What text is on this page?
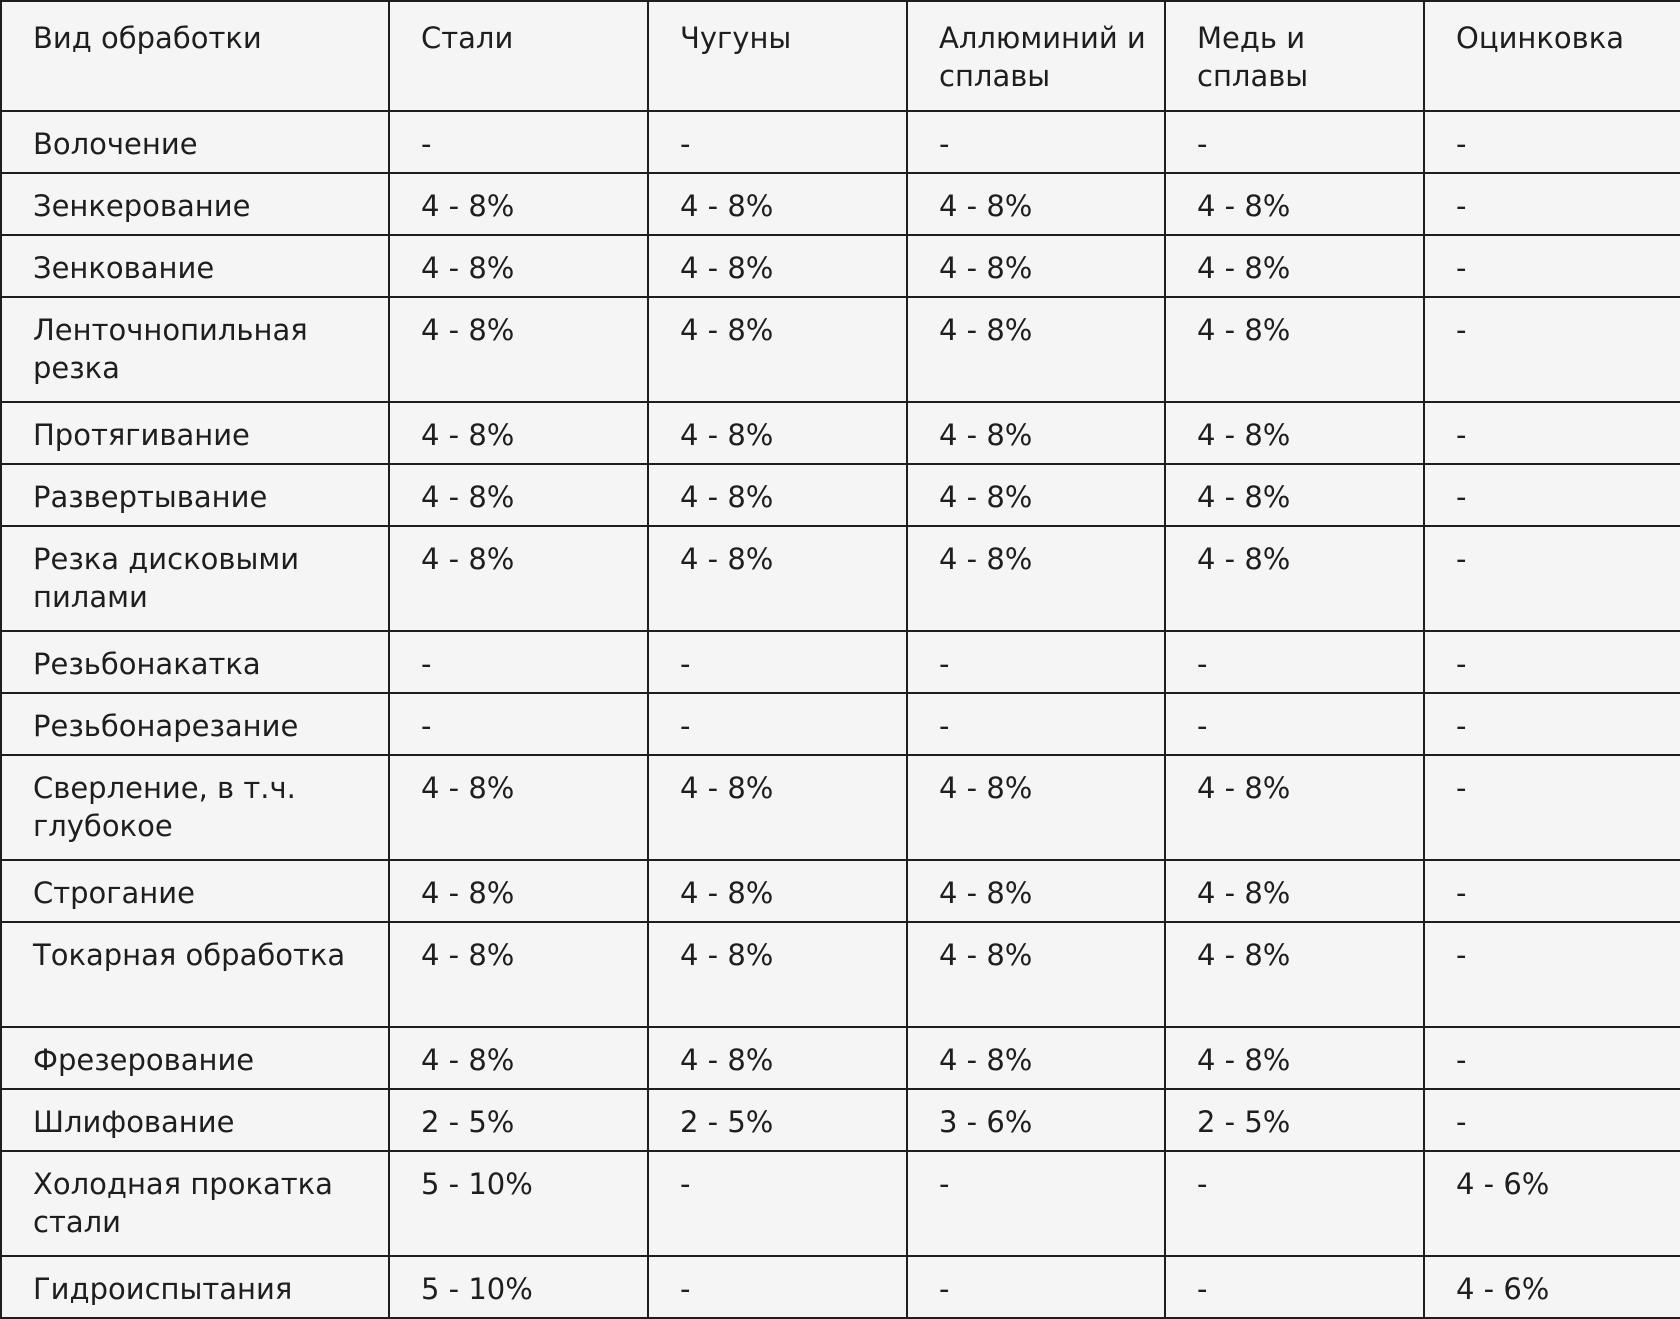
Вид обработки	Стали	Чугуны	Аллюминий и сплавы	Медь и сплавы	Оцинковка
Волочение	-	-	-	-	-
Зенкерование	4 - 8%	4 - 8%	4 - 8%	4 - 8%	-
Зенкование	4 - 8%	4 - 8%	4 - 8%	4 - 8%	-
Ленточнопильная резка	4 - 8%	4 - 8%	4 - 8%	4 - 8%	-
Протягивание	4 - 8%	4 - 8%	4 - 8%	4 - 8%	-
Развертывание	4 - 8%	4 - 8%	4 - 8%	4 - 8%	-
Резка дисковыми пилами	4 - 8%	4 - 8%	4 - 8%	4 - 8%	-
Резьбонакатка	-	-	-	-	-
Резьбонарезание	-	-	-	-	-
Сверление, в т.ч. глубокое	4 - 8%	4 - 8%	4 - 8%	4 - 8%	-
Строгание	4 - 8%	4 - 8%	4 - 8%	4 - 8%	-
Токарная обработка	4 - 8%	4 - 8%	4 - 8%	4 - 8%	-
Фрезерование	4 - 8%	4 - 8%	4 - 8%	4 - 8%	-
Шлифование	2 - 5%	2 - 5%	3 - 6%	2 - 5%	-
Холодная прокатка стали	5 - 10%	-	-	-	4 - 6%
Гидроиспытания	5 - 10%	-	-	-	4 - 6%
